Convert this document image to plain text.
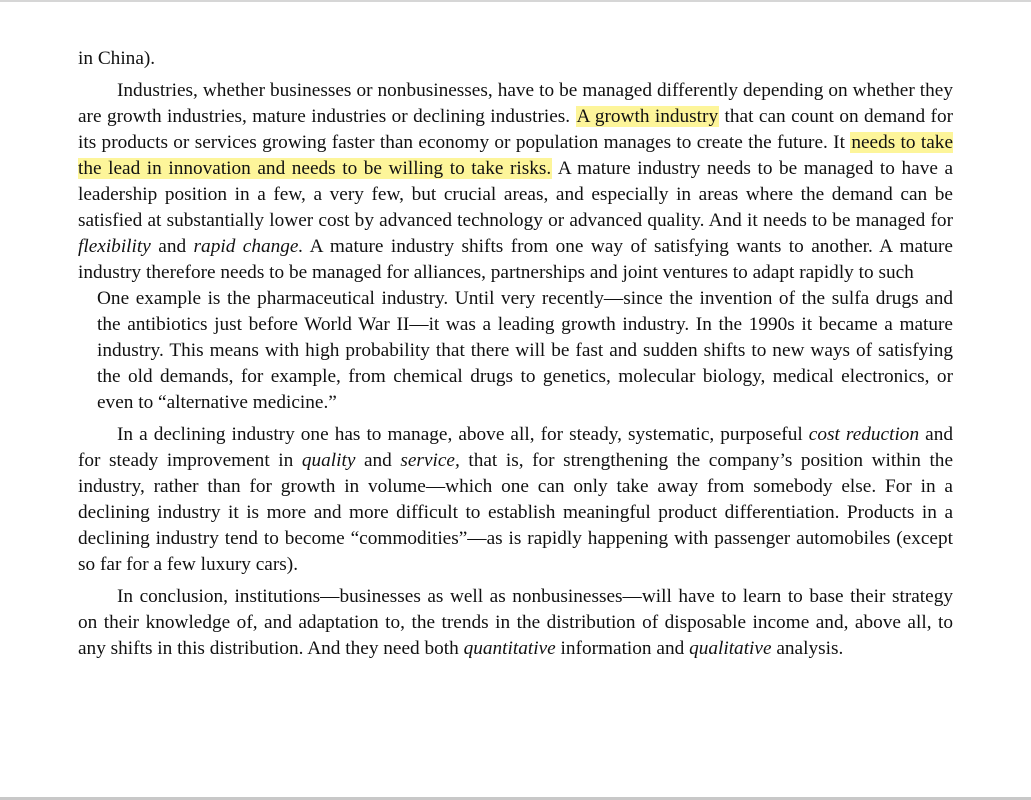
in China).

Industries, whether businesses or nonbusinesses, have to be managed differently depending on whether they are growth industries, mature industries or declining industries. A growth industry that can count on demand for its products or services growing faster than economy or population manages to create the future. It needs to take the lead in innovation and needs to be willing to take risks. A mature industry needs to be managed to have a leadership position in a few, a very few, but crucial areas, and especially in areas where the demand can be satisfied at substantially lower cost by advanced technology or advanced quality. And it needs to be managed for flexibility and rapid change. A mature industry shifts from one way of satisfying wants to another. A mature industry therefore needs to be managed for alliances, partnerships and joint ventures to adapt rapidly to such

One example is the pharmaceutical industry. Until very recently—since the invention of the sulfa drugs and the antibiotics just before World War II—it was a leading growth industry. In the 1990s it became a mature industry. This means with high probability that there will be fast and sudden shifts to new ways of satisfying the old demands, for example, from chemical drugs to genetics, molecular biology, medical electronics, or even to “alternative medicine.”

In a declining industry one has to manage, above all, for steady, systematic, purposeful cost reduction and for steady improvement in quality and service, that is, for strengthening the company’s position within the industry, rather than for growth in volume—which one can only take away from somebody else. For in a declining industry it is more and more difficult to establish meaningful product differentiation. Products in a declining industry tend to become “commodities”—as is rapidly happening with passenger automobiles (except so far for a few luxury cars).

In conclusion, institutions—businesses as well as nonbusinesses—will have to learn to base their strategy on their knowledge of, and adaptation to, the trends in the distribution of disposable income and, above all, to any shifts in this distribution. And they need both quantitative information and qualitative analysis.
